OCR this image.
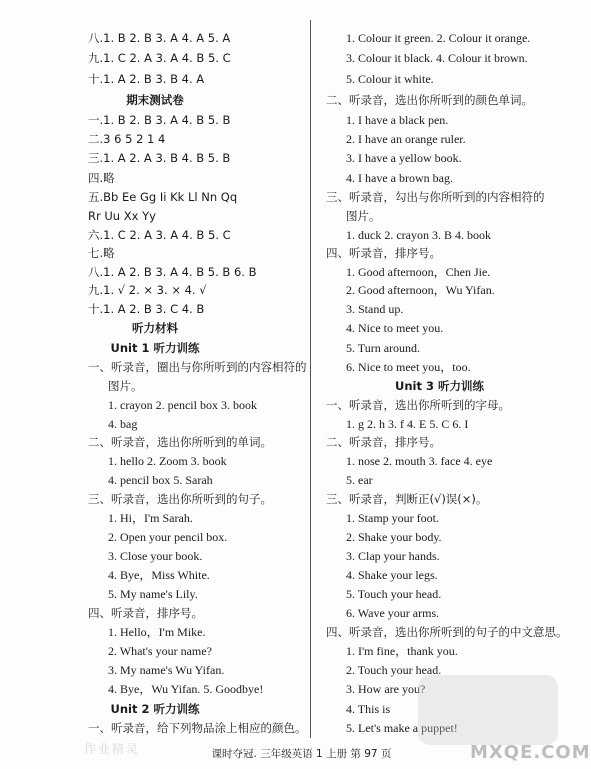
八.1. B 2. B 3. A 4. A 5. A
九.1. C 2. A 3. A 4. B 5. C
十.1. A 2. B 3. B 4. A
期末测试卷
一.1. B 2. B 3. A 4. B 5. B
二.3 6 5 2 1 4
三.1. A 2. A 3. B 4. B 5. B
四.略
五.Bb Ee Gg Ii Kk Ll Nn Qq
Rr Uu Xx Yy
六.1. C 2. A 3. A 4. B 5. C
七.略
八.1. A 2. B 3. A 4. B 5. B 6. B
九.1. √ 2. × 3. × 4. √
十.1. A 2. B 3. C 4. B
听力材料
Unit 1 听力训练
一、听录音，圈出与你所听到的内容相符的
图片。
1. crayon 2. pencil box 3. book
4. bag
二、听录音，选出你所听到的单词。
1. hello 2. Zoom 3. book
4. pencil box 5. Sarah
三、听录音，选出你所听到的句子。
1. Hi，I'm Sarah.
2. Open your pencil box.
3. Close your book.
4. Bye，Miss White.
5. My name's Lily.
四、听录音，排序号。
1. Hello，I'm Mike.
2. What's your name?
3. My name's Wu Yifan.
4. Bye，Wu Yifan. 5. Goodbye!
Unit 2 听力训练
一、听录音，给下列物品涂上相应的颜色。
1. Colour it green. 2. Colour it orange.
3. Colour it black. 4. Colour it brown.
5. Colour it white.
二、听录音，选出你所听到的颜色单词。
1. I have a black pen.
2. I have an orange ruler.
3. I have a yellow book.
4. I have a brown bag.
三、听录音，勾出与你所听到的内容相符的
图片。
1. duck 2. crayon 3. B 4. book
四、听录音，排序号。
1. Good afternoon，Chen Jie.
2. Good afternoon，Wu Yifan.
3. Stand up.
4. Nice to meet you.
5. Turn around.
6. Nice to meet you，too.
Unit 3 听力训练
一、听录音，选出你所听到的字母。
1. g 2. h 3. f 4. E 5. C 6. I
二、听录音，排序号。
1. nose 2. mouth 3. face 4. eye
5. ear
三、听录音，判断正(√)误(×)。
1. Stamp your foot.
2. Shake your body.
3. Clap your hands.
4. Shake your legs.
5. Touch your head.
6. Wave your arms.
四、听录音，选出你所听到的句子的中文意思。
1. I'm fine，thank you.
2. Touch your head.
3. How are you?
4. This is
5. Let's make a puppet!
MXQE.COM
作业精灵	课时夺冠. 三年级英语 1 上册 第 97 页
